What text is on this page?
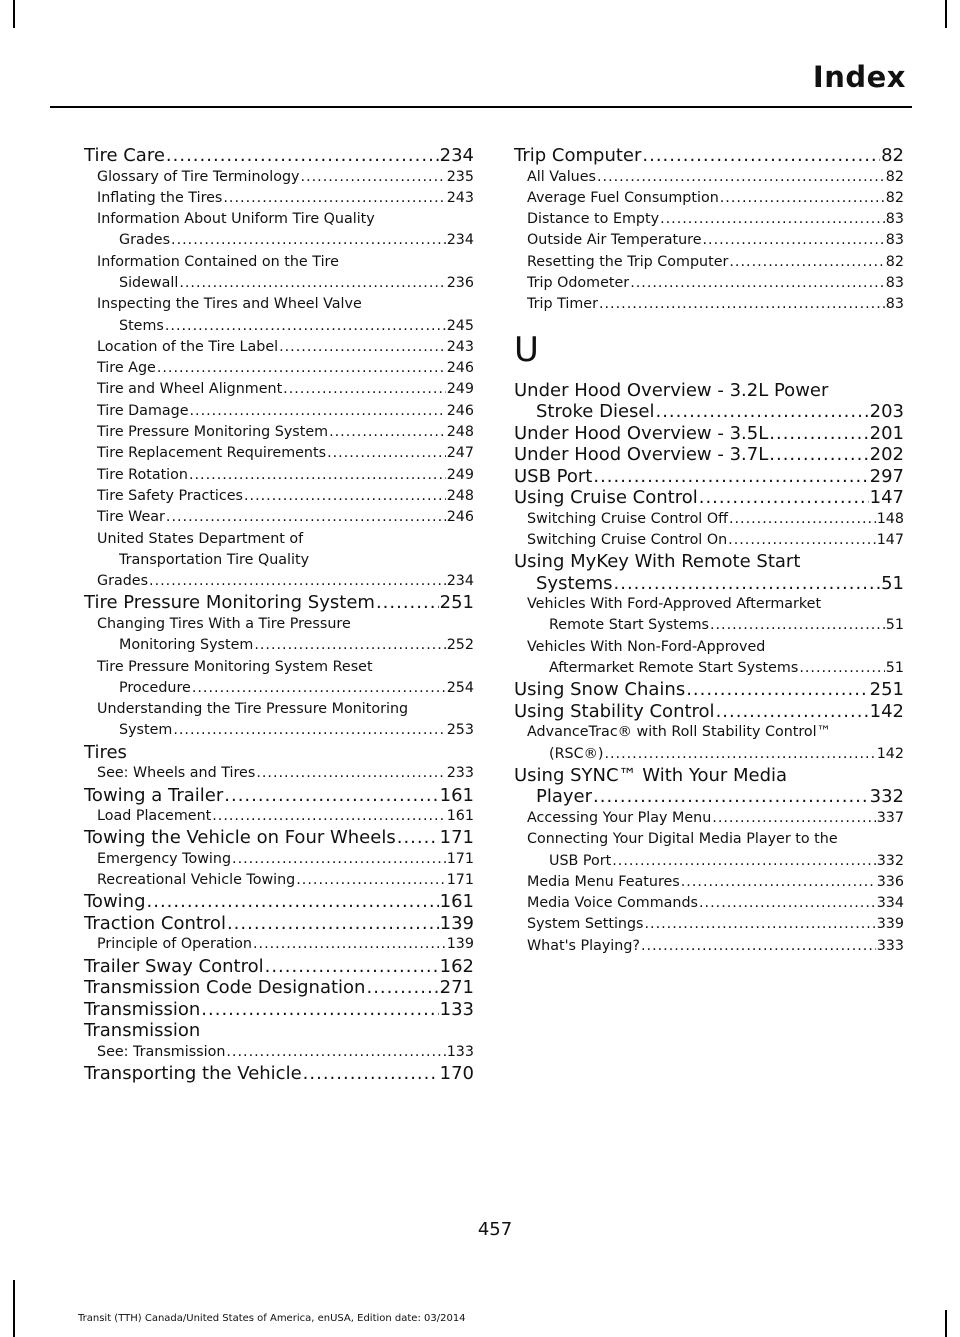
Index
Tire Care .....	234
Glossary of Tire Terminology .....	235
Inflating the Tires .....	243
Information About Uniform Tire Quality
Grades .....	234
Information Contained on the Tire
Sidewall .....	236
Inspecting the Tires and Wheel Valve
Stems .....	245
Location of the Tire Label .....	243
Tire Age .....	246
Tire and Wheel Alignment .....	249
Tire Damage .....	246
Tire Pressure Monitoring System .....	248
Tire Replacement Requirements .....	247
Tire Rotation .....	249
Tire Safety Practices .....	248
Tire Wear .....	246
United States Department of
Transportation Tire Quality
Grades .....	234
Tire Pressure Monitoring System .....	251
Changing Tires With a Tire Pressure
Monitoring System .....	252
Tire Pressure Monitoring System Reset
Procedure .....	254
Understanding the Tire Pressure Monitoring
System .....	253
Tires
See: Wheels and Tires .....	233
Towing a Trailer .....	161
Load Placement .....	161
Towing the Vehicle on Four Wheels ..... 171
Emergency Towing .....	171
Recreational Vehicle Towing .....	171
Towing .....	161
Traction Control .....	139
Principle of Operation .....	139
Trailer Sway Control .....	162
Transmission Code Designation .....	271
Transmission .....	133
Transmission
See: Transmission .....	133
Transporting the Vehicle .....	170
Trip Computer .....	82
All Values .....	82
Average Fuel Consumption .....	82
Distance to Empty .....	83
Outside Air Temperature .....	83
Resetting the Trip Computer .....	82
Trip Odometer .....	83
Trip Timer .....	83
U
Under Hood Overview - 3.2L Power
Stroke Diesel .....	203
Under Hood Overview - 3.5L .....	201
Under Hood Overview - 3.7L .....	202
USB Port .....	297
Using Cruise Control .....	147
Switching Cruise Control Off .....	148
Switching Cruise Control On .....	147
Using MyKey With Remote Start
Systems .....	51
Vehicles With Ford-Approved Aftermarket
Remote Start Systems .....	51
Vehicles With Non-Ford-Approved
Aftermarket Remote Start Systems .....	51
Using Snow Chains .....	251
Using Stability Control .....	142
AdvanceTrac® with Roll Stability Control™
(RSC®) .....	142
Using SYNC™ With Your Media
Player .....	332
Accessing Your Play Menu .....	337
Connecting Your Digital Media Player to the
USB Port .....	332
Media Menu Features .....	336
Media Voice Commands .....	334
System Settings .....	339
What's Playing? .....	333
457
Transit (TTH) Canada/United States of America, enUSA, Edition date: 03/2014
